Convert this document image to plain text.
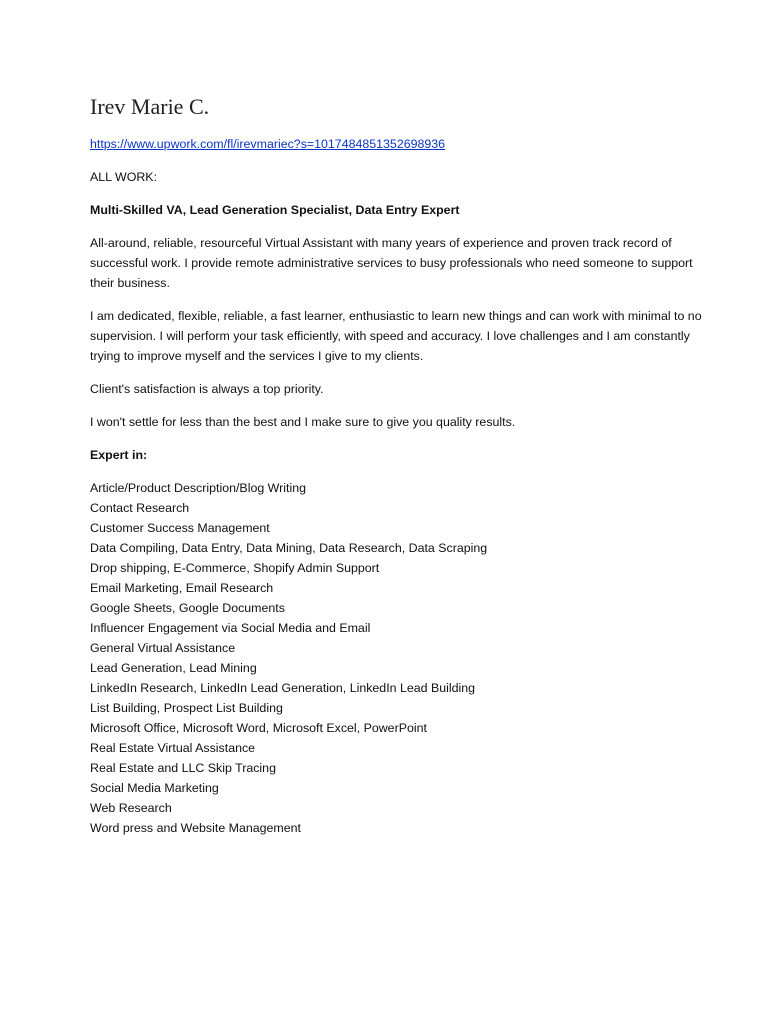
Irev Marie C.
https://www.upwork.com/fl/irevmariec?s=1017484851352698936

ALL WORK:

Multi-Skilled VA, Lead Generation Specialist, Data Entry Expert

All-around, reliable, resourceful Virtual Assistant with many years of experience and proven track record of successful work. I provide remote administrative services to busy professionals who need someone to support their business.

I am dedicated, flexible, reliable, a fast learner, enthusiastic to learn new things and can work with minimal to no supervision. I will perform your task efficiently, with speed and accuracy. I love challenges and I am constantly trying to improve myself and the services I give to my clients.

Client's satisfaction is always a top priority.

I won't settle for less than the best and I make sure to give you quality results.

Expert in:

Article/Product Description/Blog Writing
Contact Research
Customer Success Management
Data Compiling, Data Entry, Data Mining, Data Research, Data Scraping
Drop shipping, E-Commerce, Shopify Admin Support
Email Marketing, Email Research
Google Sheets, Google Documents
Influencer Engagement via Social Media and Email
General Virtual Assistance
Lead Generation, Lead Mining
LinkedIn Research, LinkedIn Lead Generation, LinkedIn Lead Building
List Building, Prospect List Building
Microsoft Office, Microsoft Word, Microsoft Excel, PowerPoint
Real Estate Virtual Assistance
Real Estate and LLC Skip Tracing
Social Media Marketing
Web Research
Word press and Website Management
